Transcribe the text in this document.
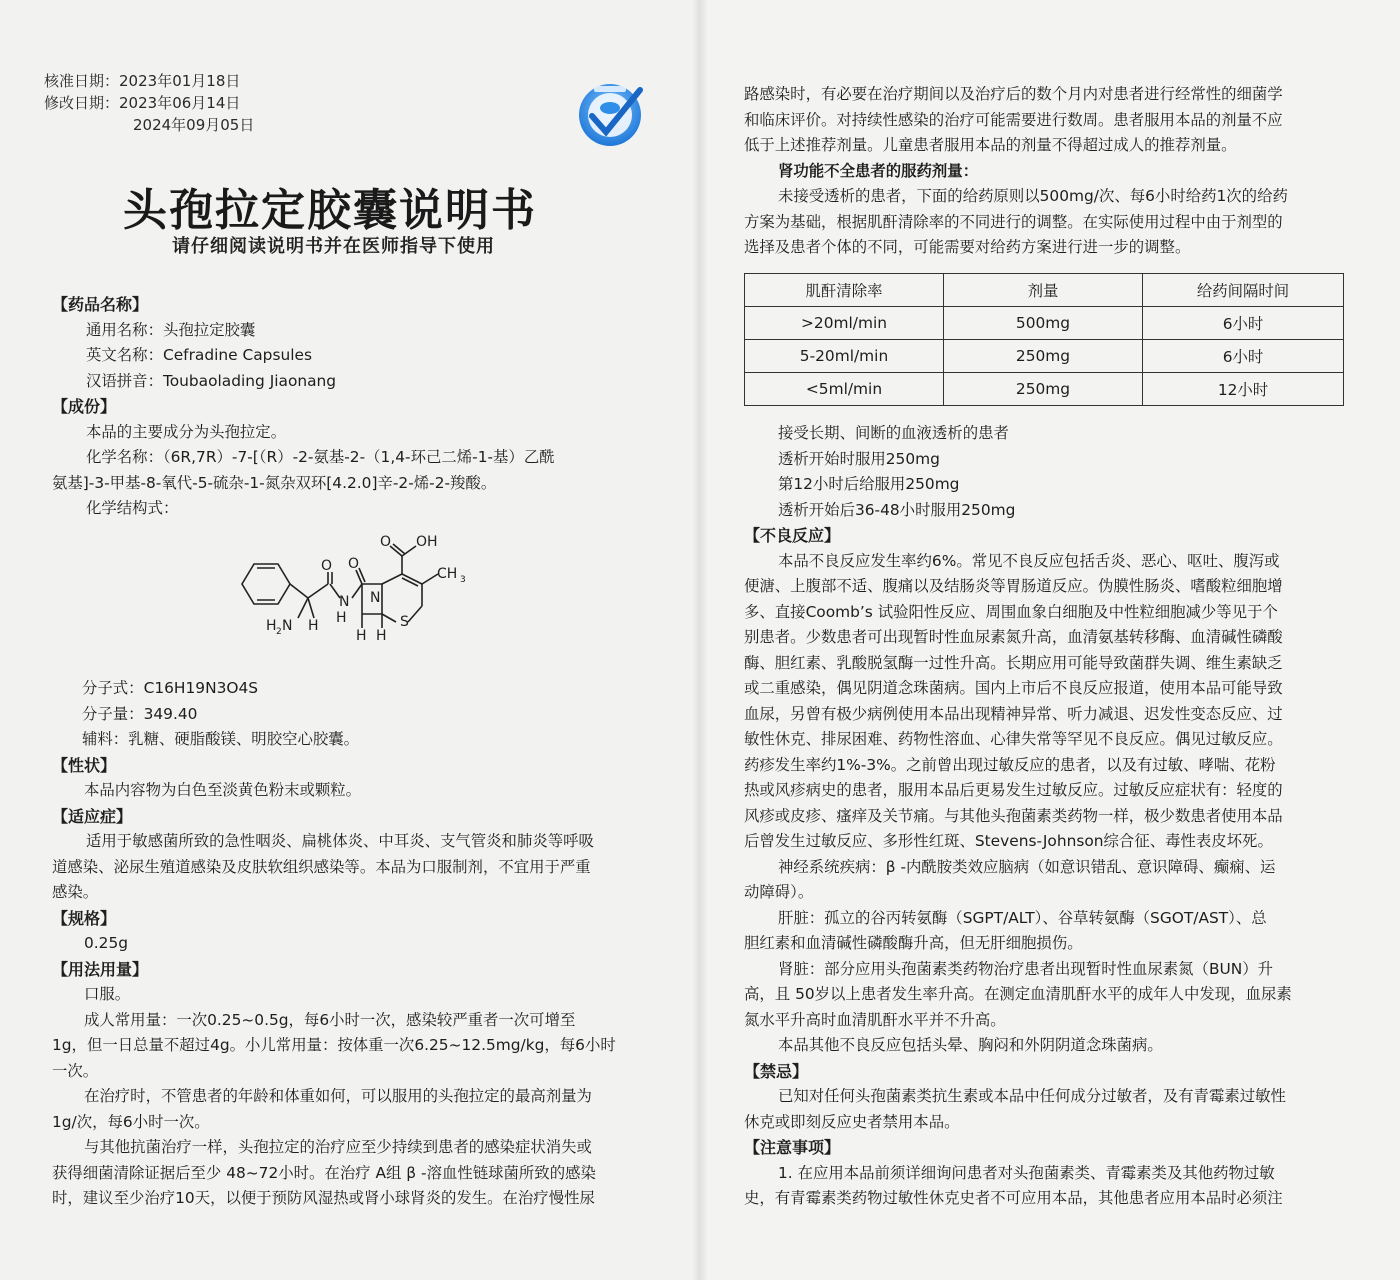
核准日期：2023年01月18日
修改日期：2023年06月14日
2024年09月05日
头孢拉定胶囊说明书
请仔细阅读说明书并在医师指导下使用

【药品名称】

通用名称：头孢拉定胶囊

英文名称：Cefradine Capsules

汉语拼音：Toubaolading Jiaonang

【成份】

本品的主要成分为头孢拉定。

化学名称：（6R,7R）-7-[（R）-2-氨基-2-（1,4-环己二烯-1-基）乙酰

氨基]-3-甲基-8-氧代-5-硫杂-1-氮杂双环[4.2.0]辛-2-烯-2-羧酸。

化学结构式：

O OH
O O
CH 3
N
H
N
S
H 2 N H
H H

分子式：C16H19N3O4S

分子量：349.40

辅料：乳糖、硬脂酸镁、明胶空心胶囊。

【性状】

本品内容物为白色至淡黄色粉末或颗粒。

【适应症】

适用于敏感菌所致的急性咽炎、扁桃体炎、中耳炎、支气管炎和肺炎等呼吸

道感染、泌尿生殖道感染及皮肤软组织感染等。本品为口服制剂，不宜用于严重

感染。

【规格】

0.25g

【用法用量】

口服。

成人常用量：一次0.25~0.5g，每6小时一次，感染较严重者一次可增至

1g，但一日总量不超过4g。小儿常用量：按体重一次6.25~12.5mg/kg，每6小时

一次。

在治疗时，不管患者的年龄和体重如何，可以服用的头孢拉定的最高剂量为

1g/次，每6小时一次。

与其他抗菌治疗一样，头孢拉定的治疗应至少持续到患者的感染症状消失或

获得细菌清除证据后至少 48~72小时。在治疗 A组 β -溶血性链球菌所致的感染

时，建议至少治疗10天，以便于预防风湿热或肾小球肾炎的发生。在治疗慢性尿

路感染时，有必要在治疗期间以及治疗后的数个月内对患者进行经常性的细菌学

和临床评价。对持续性感染的治疗可能需要进行数周。患者服用本品的剂量不应

低于上述推荐剂量。儿童患者服用本品的剂量不得超过成人的推荐剂量。

肾功能不全患者的服药剂量：

未接受透析的患者，下面的给药原则以500mg/次、每6小时给药1次的给药

方案为基础，根据肌酐清除率的不同进行的调整。在实际使用过程中由于剂型的

选择及患者个体的不同，可能需要对给药方案进行进一步的调整。

肌酐清除率	剂量	给药间隔时间
>20ml/min	500mg	6小时
5-20ml/min	250mg	6小时
<5ml/min	250mg	12小时

接受长期、间断的血液透析的患者

透析开始时服用250mg

第12小时后给服用250mg

透析开始后36-48小时服用250mg

【不良反应】

本品不良反应发生率约6%。常见不良反应包括舌炎、恶心、呕吐、腹泻或

便溏、上腹部不适、腹痛以及结肠炎等胃肠道反应。伪膜性肠炎、嗜酸粒细胞增

多、直接Coomb’s 试验阳性反应、周围血象白细胞及中性粒细胞减少等见于个

别患者。少数患者可出现暂时性血尿素氮升高，血清氨基转移酶、血清碱性磷酸

酶、胆红素、乳酸脱氢酶一过性升高。长期应用可能导致菌群失调、维生素缺乏

或二重感染，偶见阴道念珠菌病。国内上市后不良反应报道，使用本品可能导致

血尿，另曾有极少病例使用本品出现精神异常、听力减退、迟发性变态反应、过

敏性休克、排尿困难、药物性溶血、心律失常等罕见不良反应。偶见过敏反应。

药疹发生率约1%-3%。之前曾出现过敏反应的患者，以及有过敏、哮喘、花粉

热或风疹病史的患者，服用本品后更易发生过敏反应。过敏反应症状有：轻度的

风疹或皮疹、瘙痒及关节痛。与其他头孢菌素类药物一样，极少数患者使用本品

后曾发生过敏反应、多形性红斑、Stevens-Johnson综合征、毒性表皮坏死。

神经系统疾病：β -内酰胺类效应脑病（如意识错乱、意识障碍、癫痫、运

动障碍）。

肝脏：孤立的谷丙转氨酶（SGPT/ALT）、谷草转氨酶（SGOT/AST）、总

胆红素和血清碱性磷酸酶升高，但无肝细胞损伤。

肾脏：部分应用头孢菌素类药物治疗患者出现暂时性血尿素氮（BUN）升

高，且 50岁以上患者发生率升高。在测定血清肌酐水平的成年人中发现，血尿素

氮水平升高时血清肌酐水平并不升高。

本品其他不良反应包括头晕、胸闷和外阴阴道念珠菌病。

【禁忌】

已知对任何头孢菌素类抗生素或本品中任何成分过敏者，及有青霉素过敏性

休克或即刻反应史者禁用本品。

【注意事项】

1. 在应用本品前须详细询问患者对头孢菌素类、青霉素类及其他药物过敏

史，有青霉素类药物过敏性休克史者不可应用本品，其他患者应用本品时必须注
